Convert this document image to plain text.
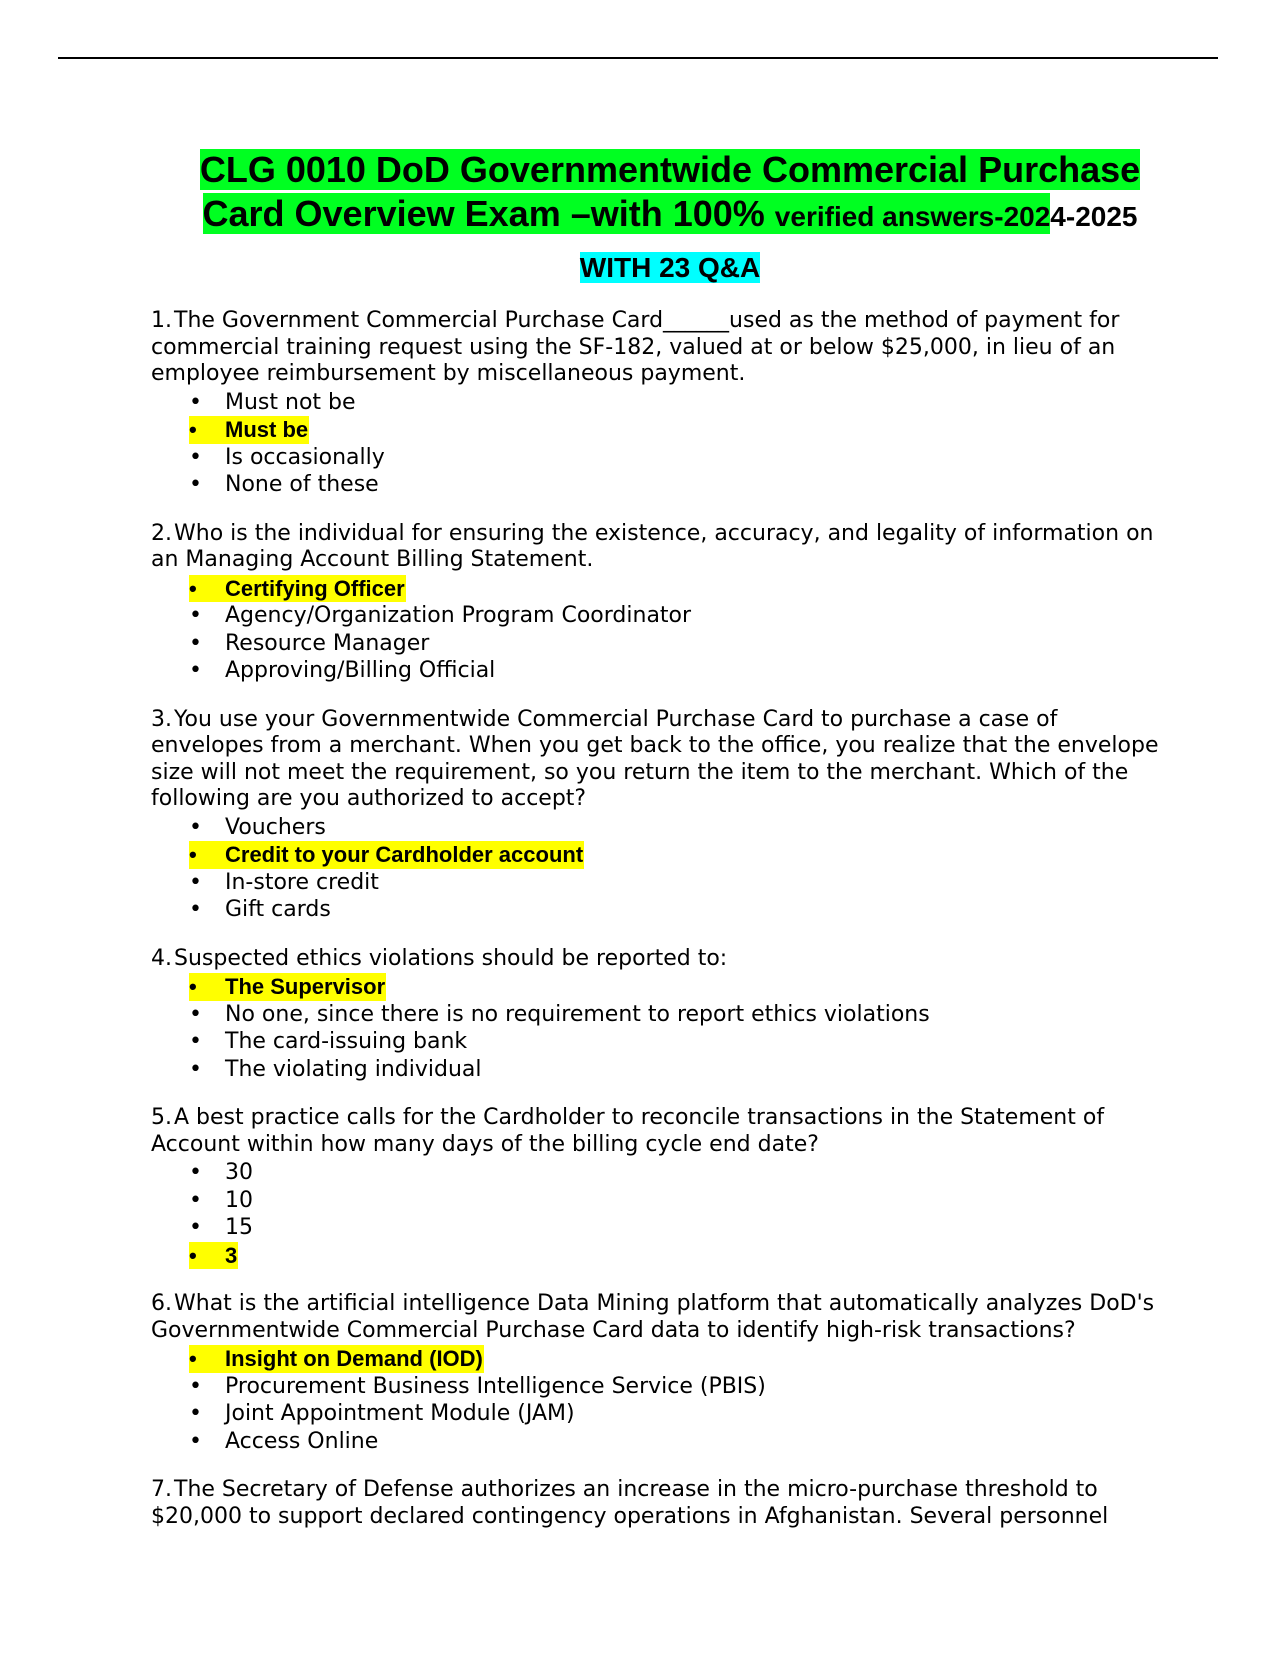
CLG 0010 DoD Governmentwide Commercial Purchase
Card Overview Exam –with 100% verified answers-2024-2025
WITH 23 Q&A

1.The Government Commercial Purchase Card______used as the method of payment for commercial training request using the SF-182, valued at or below $25,000, in lieu of an employee reimbursement by miscellaneous payment.

• Must not be
•	Must be
• Is occasionally
• None of these

2.Who is the individual for ensuring the existence, accuracy, and legality of information on an Managing Account Billing Statement.

•	Certifying Officer
• Agency/Organization Program Coordinator
• Resource Manager
• Approving/Billing Official

3.You use your Governmentwide Commercial Purchase Card to purchase a case of envelopes from a merchant. When you get back to the office, you realize that the envelope size will not meet the requirement, so you return the item to the merchant. Which of the following are you authorized to accept?

• Vouchers
•	Credit to your Cardholder account
• In-store credit
• Gift cards

4.Suspected ethics violations should be reported to:

•	The Supervisor
• No one, since there is no requirement to report ethics violations
• The card-issuing bank
• The violating individual

5.A best practice calls for the Cardholder to reconcile transactions in the Statement of Account within how many days of the billing cycle end date?

• 30
• 10
• 15
•	3

6.What is the artificial intelligence Data Mining platform that automatically analyzes DoD's Governmentwide Commercial Purchase Card data to identify high-risk transactions?

•	Insight on Demand (IOD)
• Procurement Business Intelligence Service (PBIS)
• Joint Appointment Module (JAM)
• Access Online

7.The Secretary of Defense authorizes an increase in the micro-purchase threshold to $20,000 to support declared contingency operations in Afghanistan. Several personnel
